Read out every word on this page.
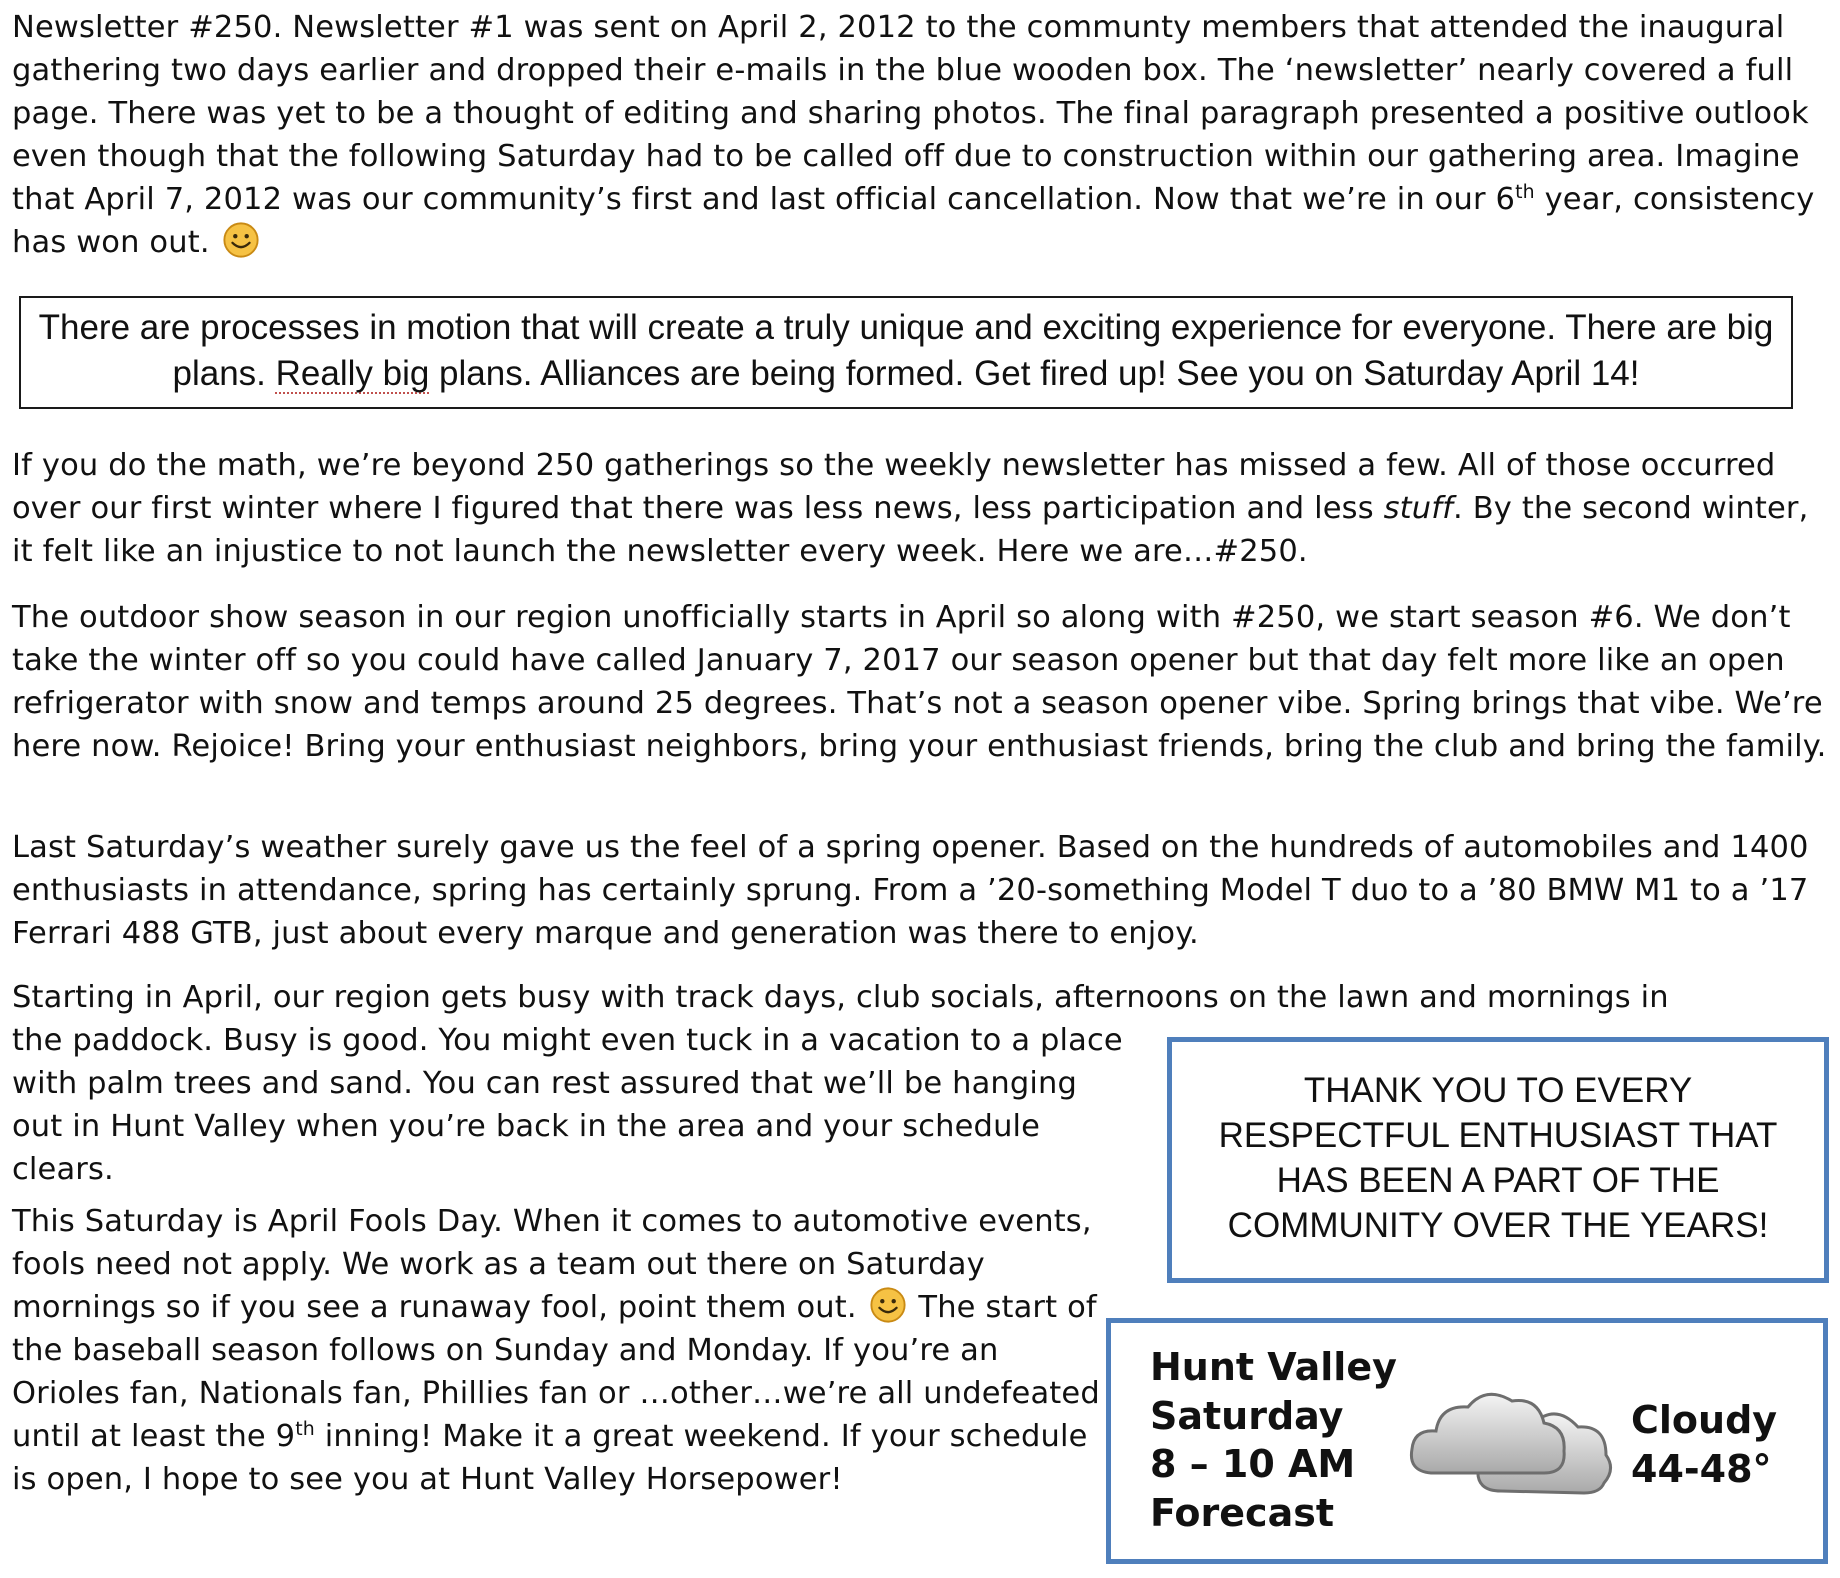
Newsletter #250. Newsletter #1 was sent on April 2, 2012 to the communty members that attended the inaugural gathering two days earlier and dropped their e-mails in the blue wooden box. The ‘newsletter’ nearly covered a full page. There was yet to be a thought of editing and sharing photos. The final paragraph presented a positive outlook even though that the following Saturday had to be called off due to construction within our gathering area. Imagine that April 7, 2012 was our community’s first and last official cancellation. Now that we’re in our 6th year, consistency has won out.

There are processes in motion that will create a truly unique and exciting experience for everyone. There are big plans. Really big plans. Alliances are being formed. Get fired up! See you on Saturday April 14!

If you do the math, we’re beyond 250 gatherings so the weekly newsletter has missed a few. All of those occurred over our first winter where I figured that there was less news, less participation and less stuff. By the second winter, it felt like an injustice to not launch the newsletter every week. Here we are…#250.

The outdoor show season in our region unofficially starts in April so along with #250, we start season #6. We don’t take the winter off so you could have called January 7, 2017 our season opener but that day felt more like an open refrigerator with snow and temps around 25 degrees. That’s not a season opener vibe. Spring brings that vibe. We’re here now. Rejoice! Bring your enthusiast neighbors, bring your enthusiast friends, bring the club and bring the family.

Last Saturday’s weather surely gave us the feel of a spring opener. Based on the hundreds of automobiles and 1400 enthusiasts in attendance, spring has certainly sprung. From a ’20-something Model T duo to a ’80 BMW M1 to a ’17 Ferrari 488 GTB, just about every marque and generation was there to enjoy.

Starting in April, our region gets busy with track days, club socials, afternoons on the lawn and mornings in
the paddock. Busy is good. You might even tuck in a vacation to a place with palm trees and sand. You can rest assured that we’ll be hanging out in Hunt Valley when you’re back in the area and your schedule clears.

This Saturday is April Fools Day. When it comes to automotive events, fools need not apply. We work as a team out there on Saturday mornings so if you see a runaway fool, point them out.  The start of the baseball season follows on Sunday and Monday. If you’re an Orioles fan, Nationals fan, Phillies fan or …other…we’re all undefeated until at least the 9th inning! Make it a great weekend. If your schedule is open, I hope to see you at Hunt Valley Horsepower!

THANK YOU TO EVERY
RESPECTFUL ENTHUSIAST THAT
HAS BEEN A PART OF THE
COMMUNITY OVER THE YEARS!
Hunt Valley
Saturday
8 – 10 AM
Forecast
Cloudy
44-48°
